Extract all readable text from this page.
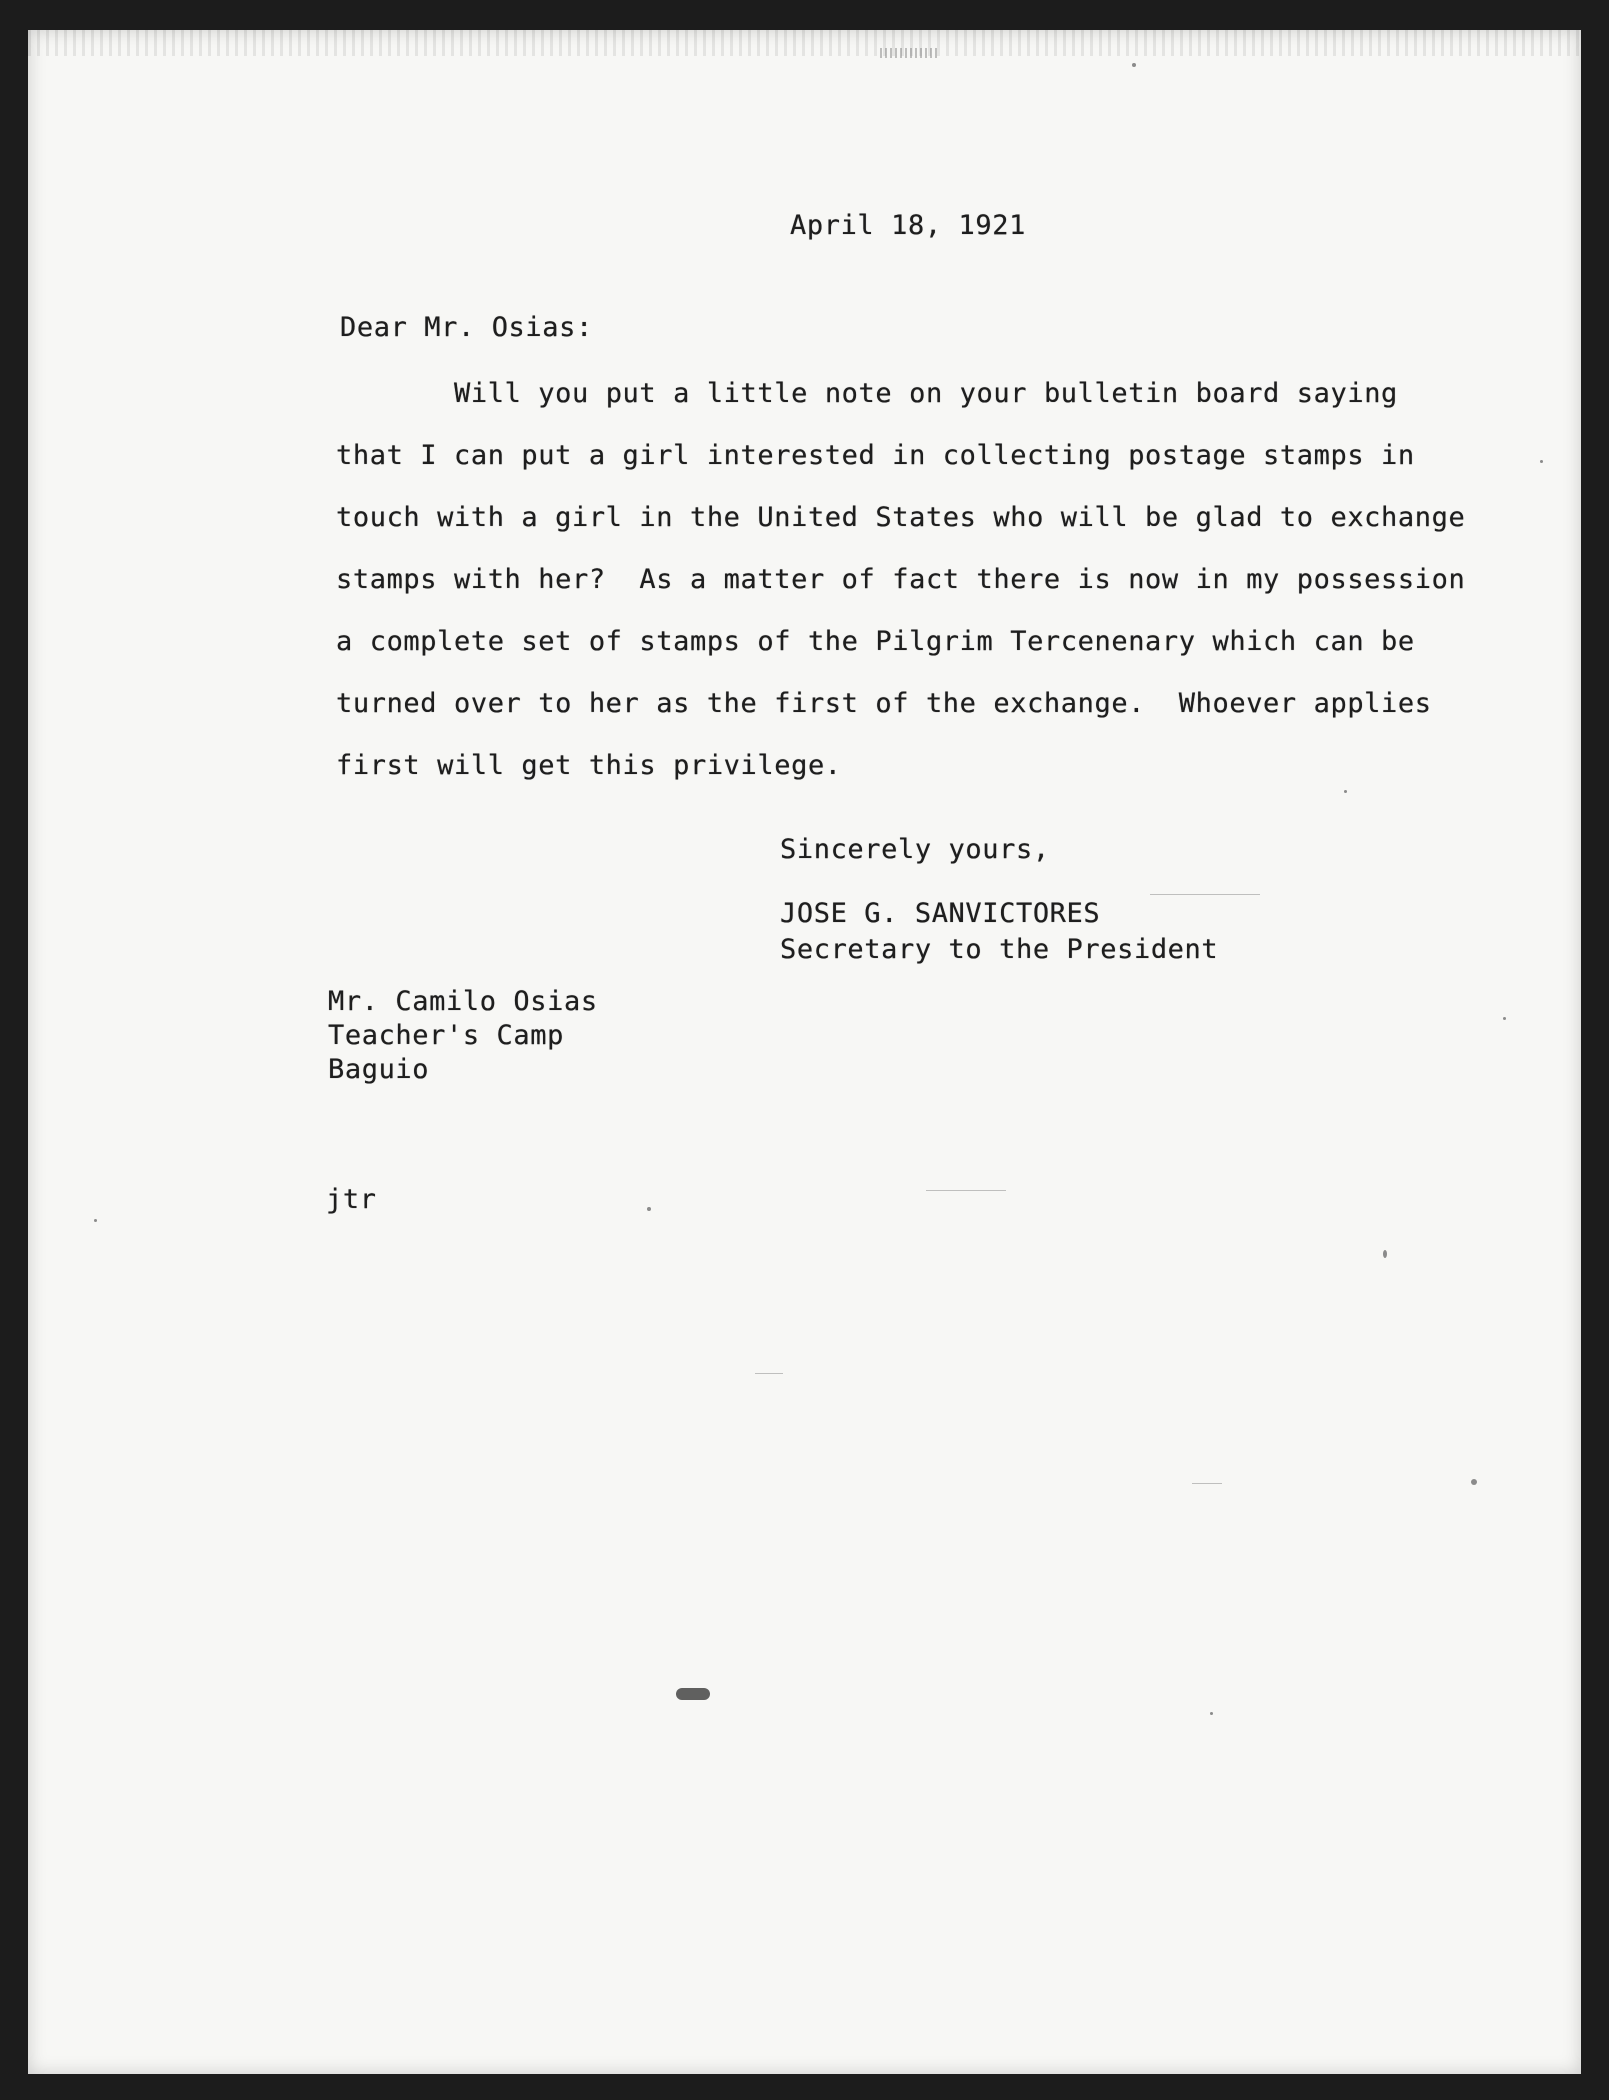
April 18, 1921
Dear Mr. Osias:
Will you put a little note on your bulletin board saying
that I can put a girl interested in collecting postage stamps in
touch with a girl in the United States who will be glad to exchange
stamps with her?  As a matter of fact there is now in my possession
a complete set of stamps of the Pilgrim Tercenenary which can be
turned over to her as the first of the exchange.  Whoever applies
first will get this privilege.
Sincerely yours,
JOSE G. SANVICTORES
Secretary to the President
Mr. Camilo Osias
Teacher's Camp
Baguio
jtr
